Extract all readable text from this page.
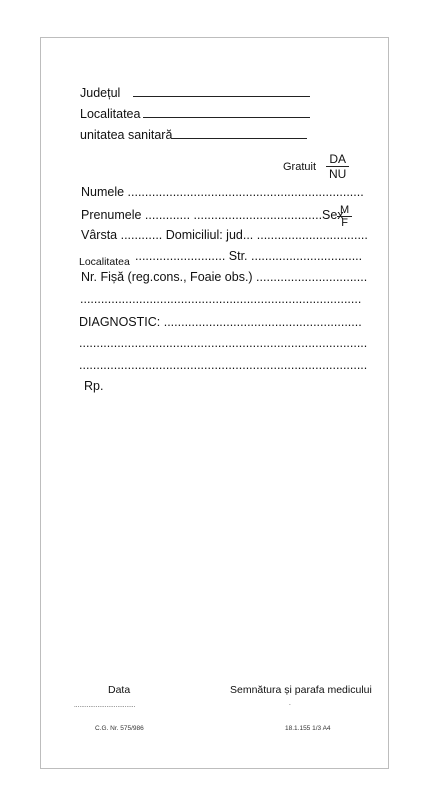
Județul
Localitatea
unitatea sanitară
Gratuit $\frac{DA}{NU}$
Numele ....................................................................
Prenumele ............. .....................................Sex
$\frac{M}{F}$
Vârsta ............ Domiciliul: jud... ................................
.......................... Str. ................................
Localitatea
Nr. Fișă (reg.cons., Foaie obs.) ................................
.................................................................................
DIAGNOSTIC: .........................................................
...................................................................................
...................................................................................
Rp.
Data
..................................
Semnătura și parafa medicului
.
C.G. Nr. 575/986	18.1.155 1/3 A4
